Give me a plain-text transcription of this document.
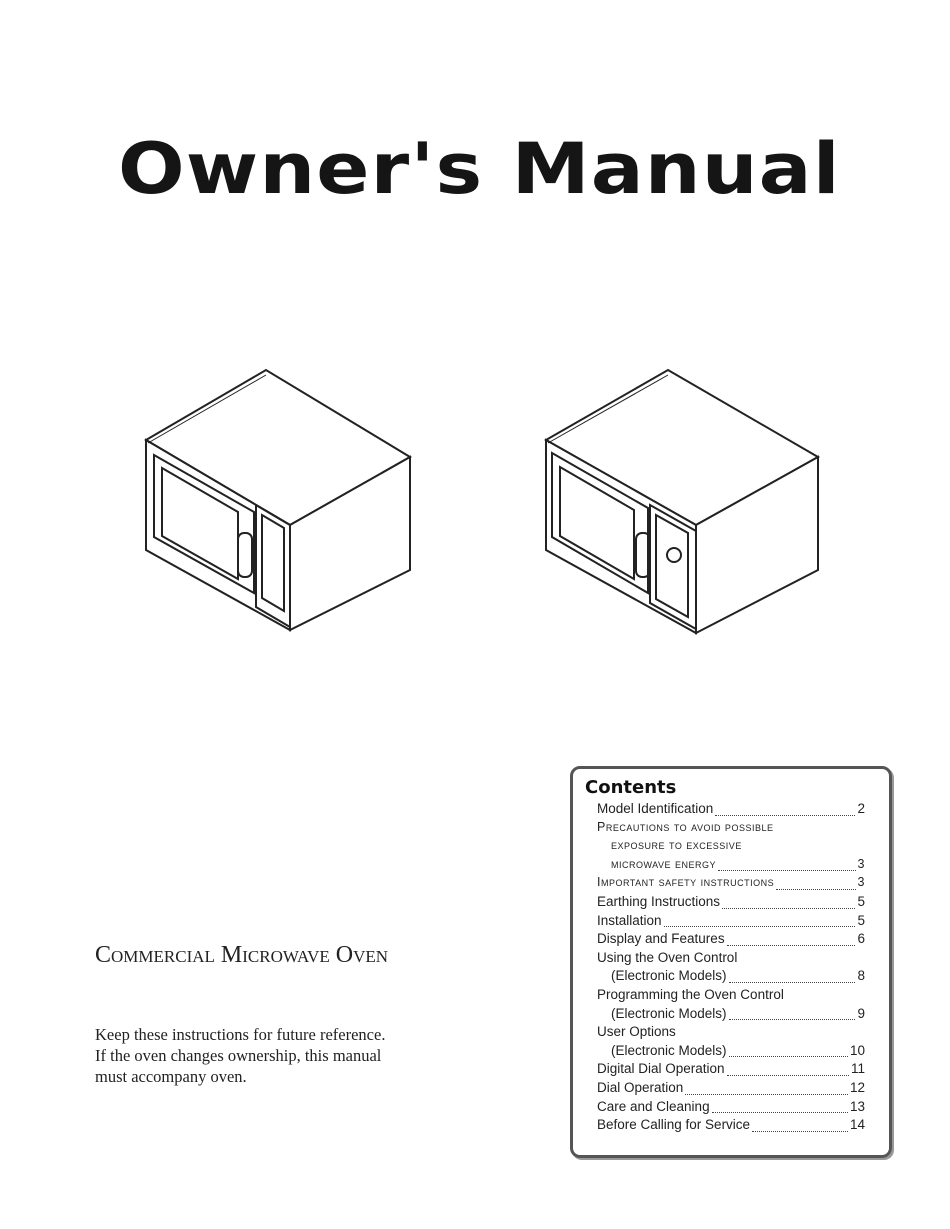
Owner's Manual
Commercial Microwave Oven
Keep these instructions for future reference.
If the oven changes ownership, this manual
must accompany oven.
Contents
Model Identification	2
Precautions to avoid possible
exposure to excessive
microwave energy	3
Important safety instructions	3
Earthing Instructions	5
Installation	5
Display and Features	6
Using the Oven Control
(Electronic Models)	8
Programming the Oven Control
(Electronic Models)	9
User Options
(Electronic Models)	10
Digital Dial Operation	11
Dial Operation	12
Care and Cleaning	13
Before Calling for Service	14
